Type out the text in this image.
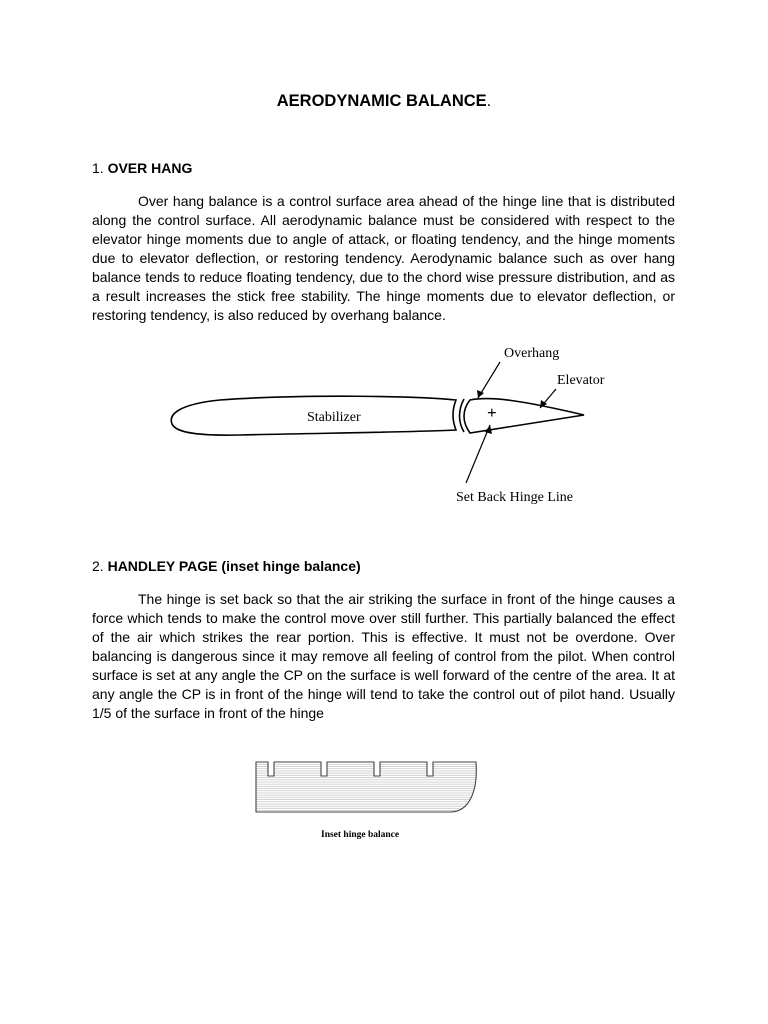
AERODYNAMIC BALANCE.
1. OVER HANG

Over hang balance is a control surface area ahead of the hinge line that is distributed along the control surface. All aerodynamic balance must be considered with respect to the elevator hinge moments due to angle of attack, or floating tendency, and the hinge moments due to elevator deflection, or restoring tendency. Aerodynamic balance such as over hang balance tends to reduce floating tendency, due to the chord wise pressure distribution, and as a result increases the stick free stability. The hinge moments due to elevator deflection, or restoring tendency, is also reduced by overhang balance.

Overhang
Elevator
Stabilizer	+
Set Back Hinge Line
2. HANDLEY PAGE (inset hinge balance)

The hinge is set back so that the air striking the surface in front of the hinge causes a force which tends to make the control move over still further. This partially balanced the effect of the air which strikes the rear portion. This is effective. It must not be overdone. Over balancing is dangerous since it may remove all feeling of control from the pilot. When control surface is set at any angle the CP on the surface is well forward of the centre of the area. It at any angle the CP is in front of the hinge will tend to take the control out of pilot hand. Usually 1/5 of the surface in front of the hinge

Inset hinge balance
